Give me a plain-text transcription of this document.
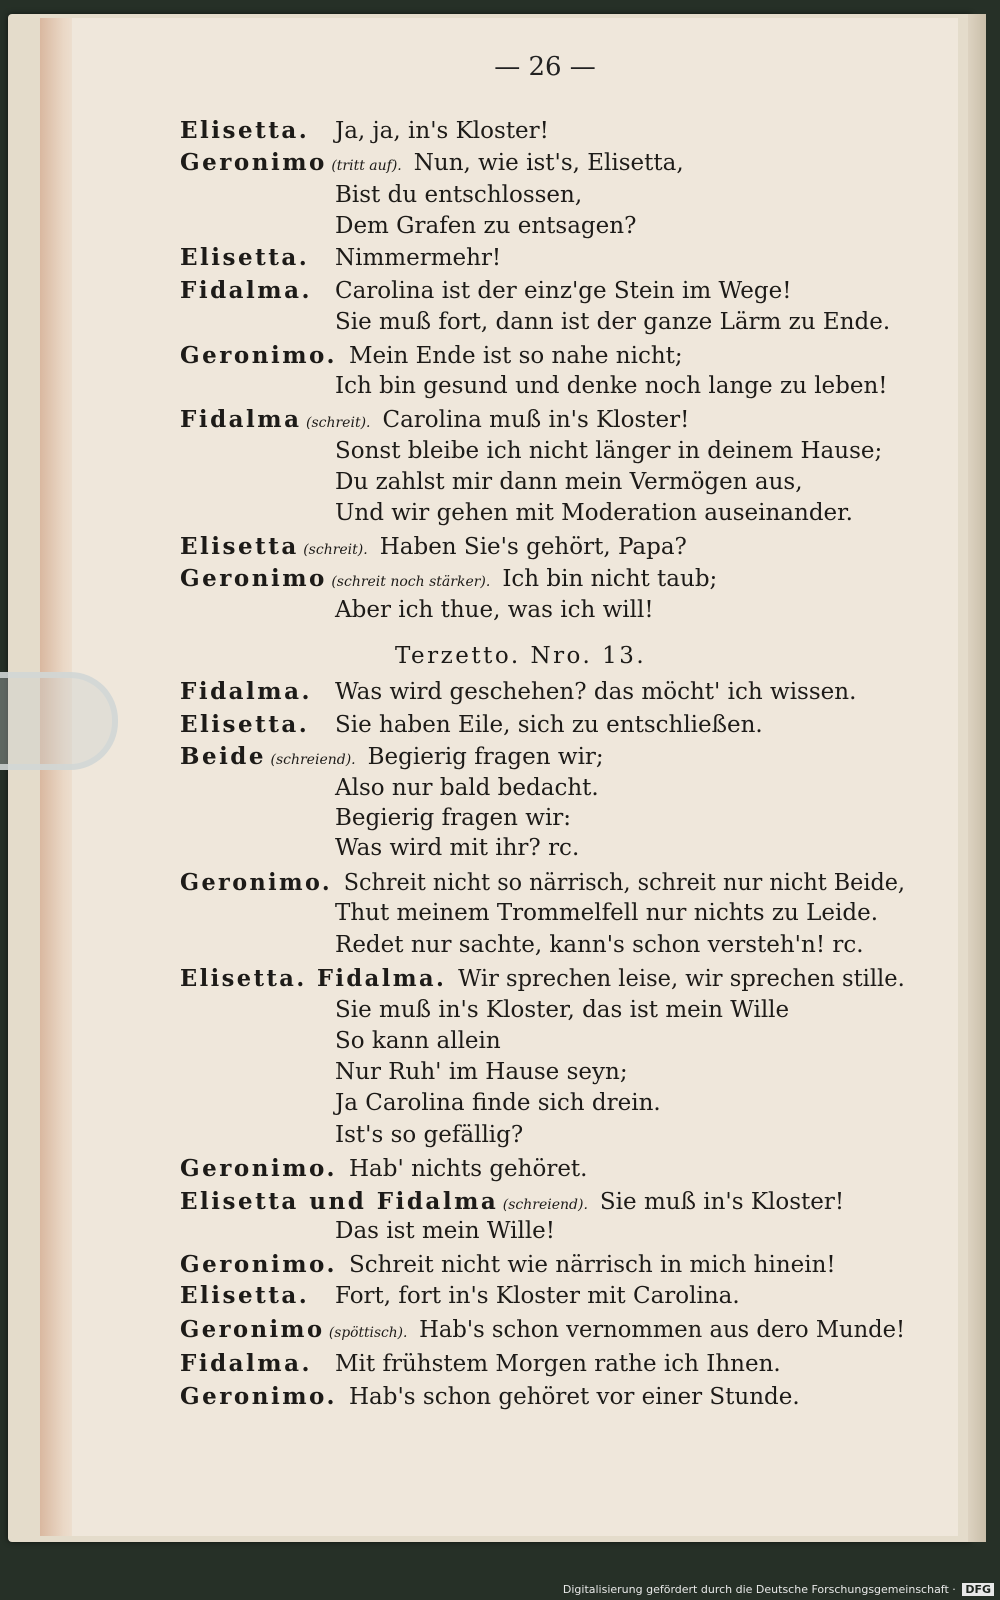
— 26 —
Elisetta. Ja, ja, in's Kloster!
Geronimo (tritt auf). Nun, wie ist's, Elisetta,
Bist du entschlossen,
Dem Grafen zu entsagen?
Elisetta. Nimmermehr!
Fidalma. Carolina ist der einz'ge Stein im Wege!
Sie muß fort, dann ist der ganze Lärm zu Ende.
Geronimo. Mein Ende ist so nahe nicht;
Ich bin gesund und denke noch lange zu leben!
Fidalma (schreit). Carolina muß in's Kloster!
Sonst bleibe ich nicht länger in deinem Hause;
Du zahlst mir dann mein Vermögen aus,
Und wir gehen mit Moderation auseinander.
Elisetta (schreit). Haben Sie's gehört, Papa?
Geronimo (schreit noch stärker). Ich bin nicht taub;
Aber ich thue, was ich will!
Terzetto. Nro. 13.
Fidalma. Was wird geschehen? das möcht' ich wissen.
Elisetta. Sie haben Eile, sich zu entschließen.
Beide (schreiend). Begierig fragen wir;
Also nur bald bedacht.
Begierig fragen wir:
Was wird mit ihr? rc.
Geronimo. Schreit nicht so närrisch, schreit nur nicht Beide,
Thut meinem Trommelfell nur nichts zu Leide.
Redet nur sachte, kann's schon versteh'n! rc.
Elisetta. Fidalma. Wir sprechen leise, wir sprechen stille.
Sie muß in's Kloster, das ist mein Wille
So kann allein
Nur Ruh' im Hause seyn;
Ja Carolina finde sich drein.
Ist's so gefällig?
Geronimo. Hab' nichts gehöret.
Elisetta und Fidalma (schreiend). Sie muß in's Kloster!
Das ist mein Wille!
Geronimo. Schreit nicht wie närrisch in mich hinein!
Elisetta. Fort, fort in's Kloster mit Carolina.
Geronimo (spöttisch). Hab's schon vernommen aus dero Munde!
Fidalma. Mit frühstem Morgen rathe ich Ihnen.
Geronimo. Hab's schon gehöret vor einer Stunde.
Digitalisierung gefördert durch die Deutsche Forschungsgemeinschaft · DFG
